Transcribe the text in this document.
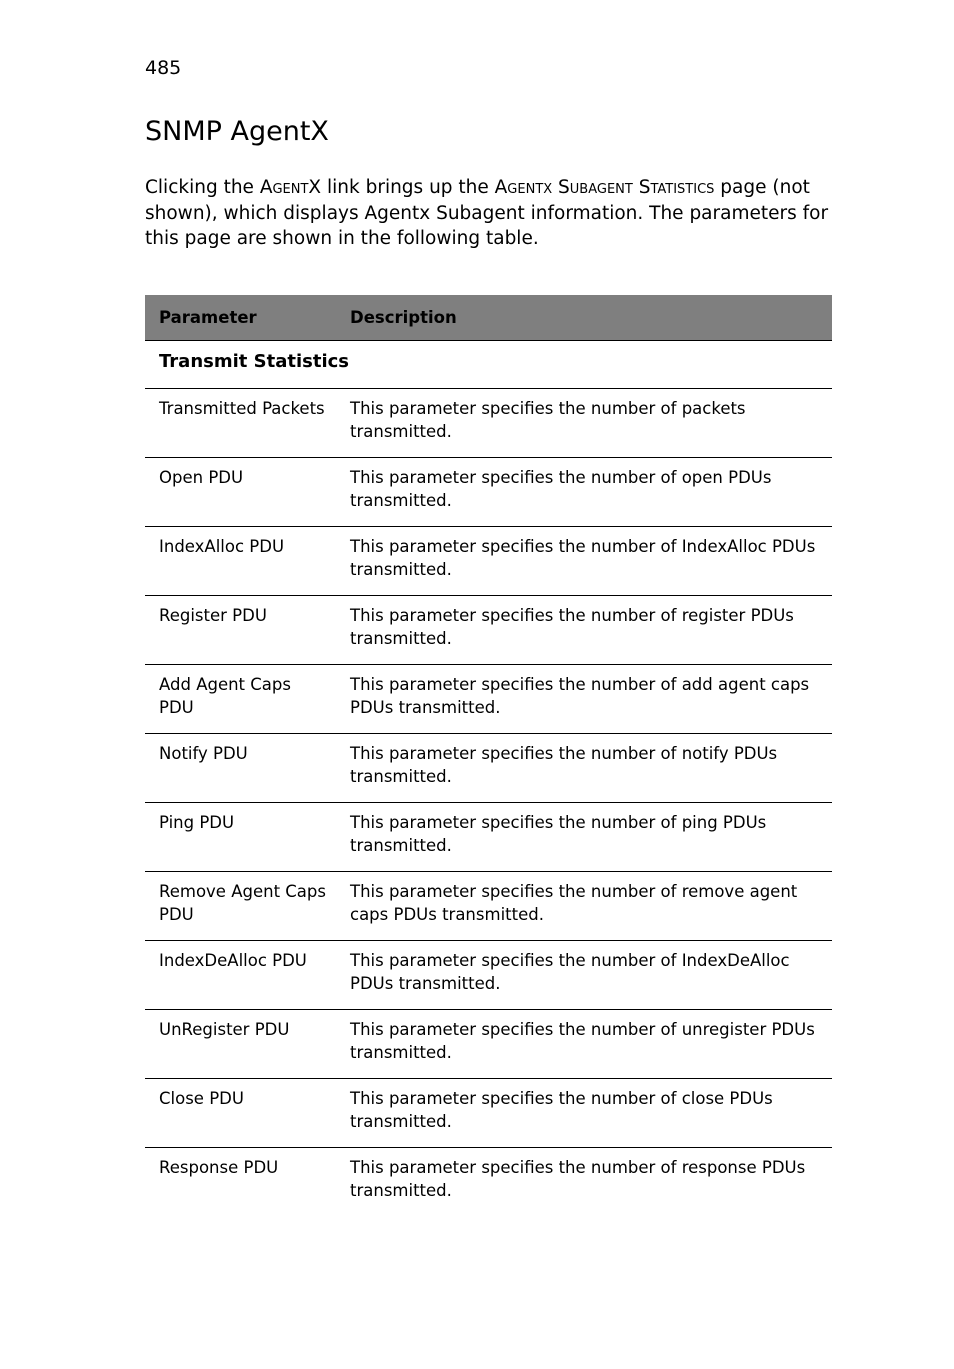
485
SNMP AgentX

Clicking the AgentX link brings up the Agentx Subagent Statistics page (not shown), which displays Agentx Subagent information. The parameters for this page are shown in the following table.

Parameter	Description
Transmit Statistics	
Transmitted Packets	This parameter specifies the number of packets transmitted.
Open PDU	This parameter specifies the number of open PDUs transmitted.
IndexAlloc PDU	This parameter specifies the number of IndexAlloc PDUs transmitted.
Register PDU	This parameter specifies the number of register PDUs transmitted.
Add Agent Caps PDU	This parameter specifies the number of add agent caps PDUs transmitted.
Notify PDU	This parameter specifies the number of notify PDUs transmitted.
Ping PDU	This parameter specifies the number of ping PDUs transmitted.
Remove Agent Caps PDU	This parameter specifies the number of remove agent caps PDUs transmitted.
IndexDeAlloc PDU	This parameter specifies the number of IndexDeAlloc PDUs transmitted.
UnRegister PDU	This parameter specifies the number of unregister PDUs transmitted.
Close PDU	This parameter specifies the number of close PDUs transmitted.
Response PDU	This parameter specifies the number of response PDUs transmitted.
